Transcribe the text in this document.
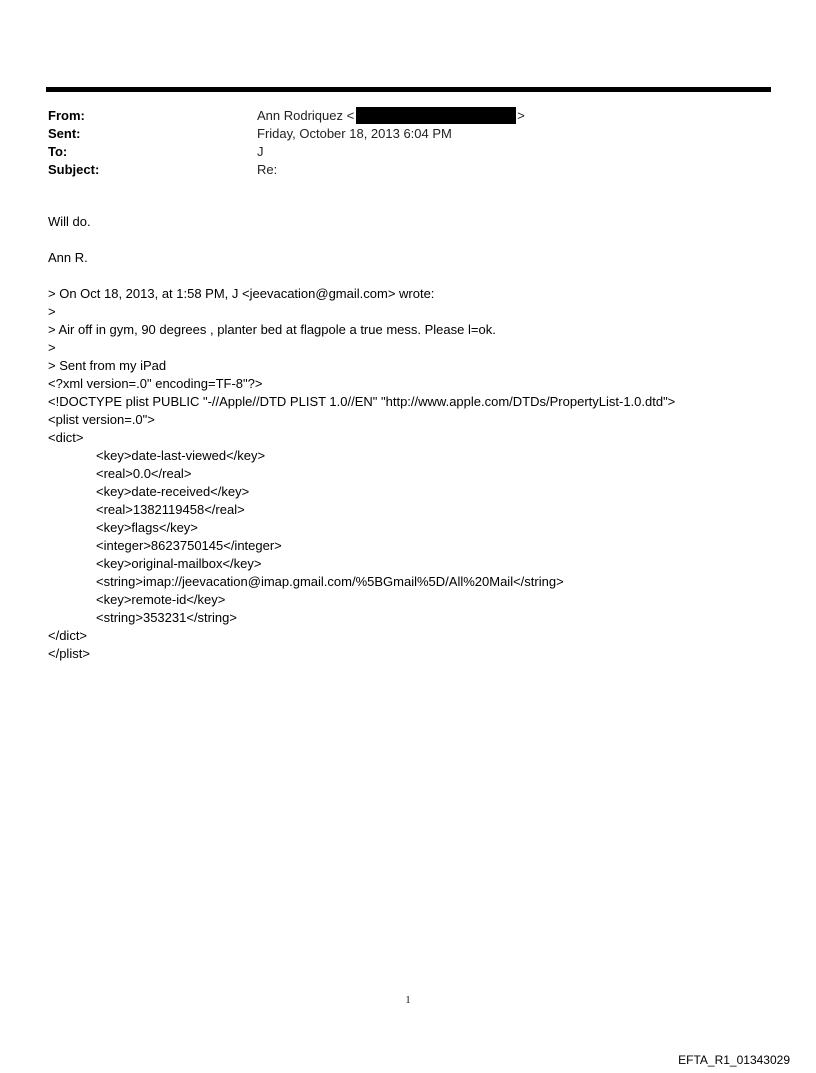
From:	Ann Rodriquez <	>
Sent:	Friday, October 18, 2013 6:04 PM
To:	J
Subject:	Re:
Will do.
Ann R.
> On Oct 18, 2013, at 1:58 PM, J <jeevacation@gmail.com> wrote:
>
> Air off in gym, 90 degrees , planter bed at flagpole a true mess. Please l=ok.
>
> Sent from my iPad
<?xml version=.0" encoding=TF-8"?>
<!DOCTYPE plist PUBLIC "-//Apple//DTD PLIST 1.0//EN" "http://www.apple.com/DTDs/PropertyList-1.0.dtd">
<plist version=.0">
<dict>
<key>date-last-viewed</key>
<real>0.0</real>
<key>date-received</key>
<real>1382119458</real>
<key>flags</key>
<integer>8623750145</integer>
<key>original-mailbox</key>
<string>imap://jeevacation@imap.gmail.com/%5BGmail%5D/All%20Mail</string>
<key>remote-id</key>
<string>353231</string>
</dict>
</plist>
1
EFTA_R1_01343029
